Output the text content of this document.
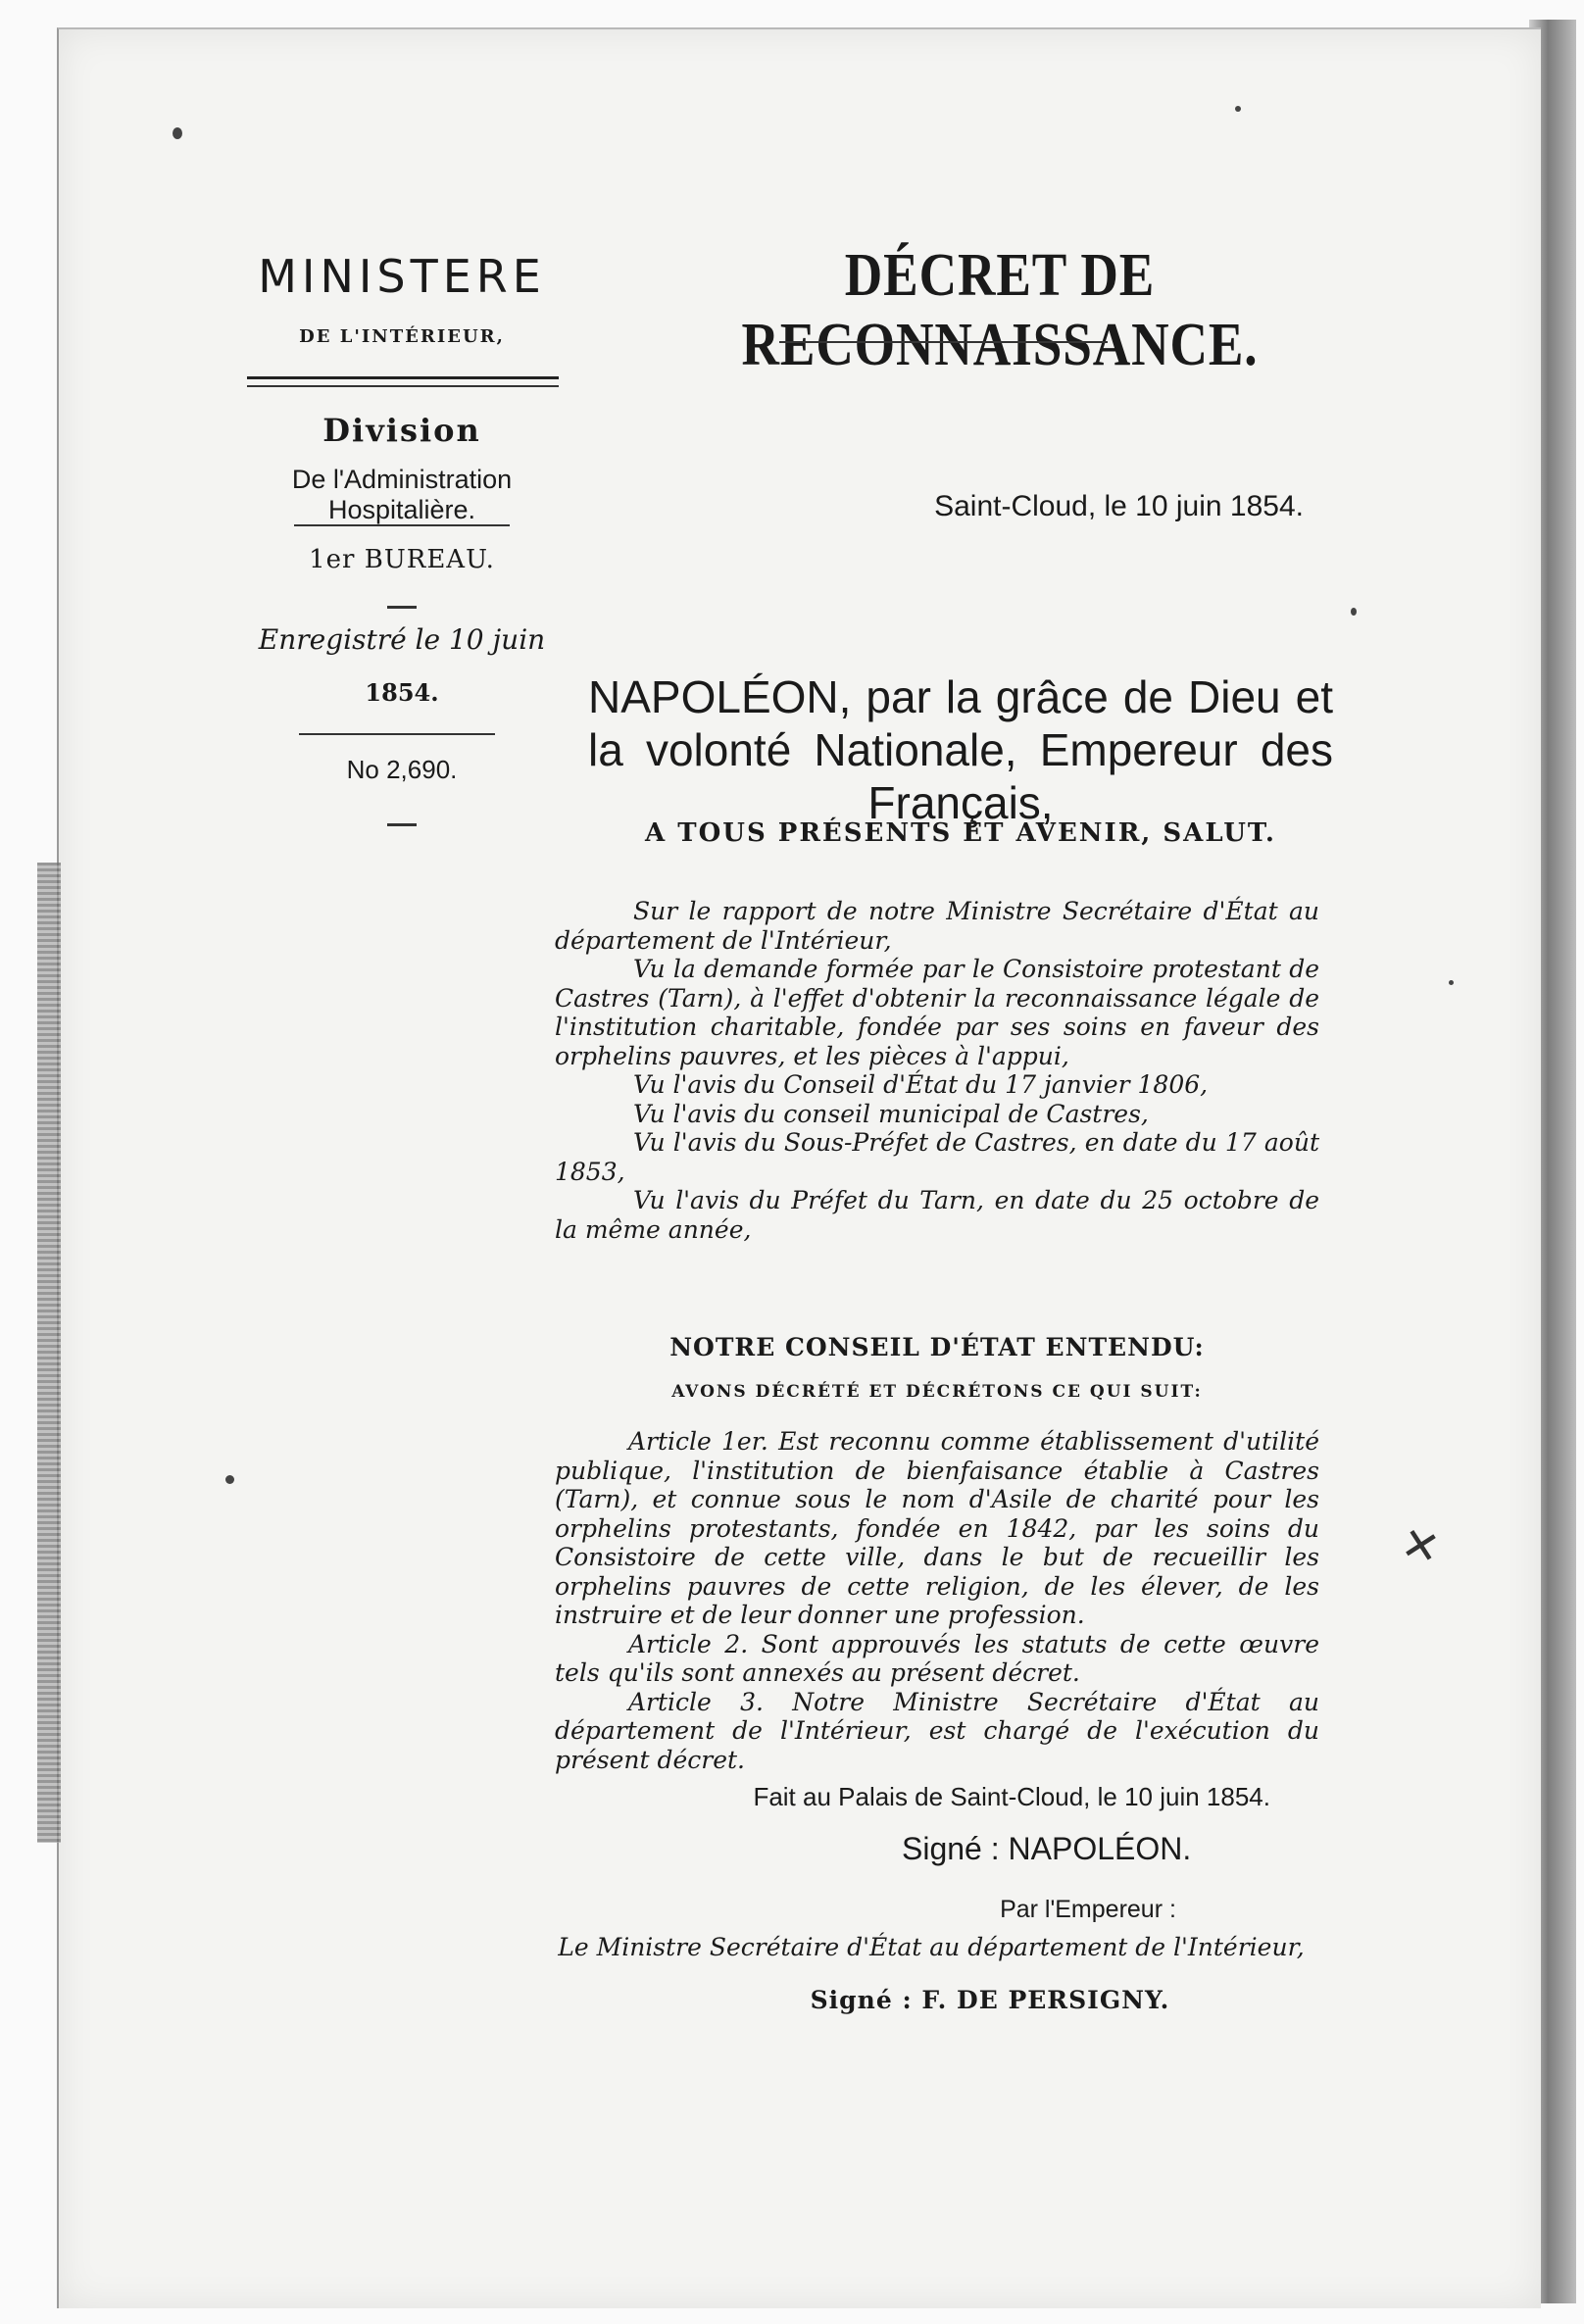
MINISTERE
DE L'INTÉRIEUR,
Division
De l'Administration Hospitalière.
1er BUREAU.
Enregistré le 10 juin
1854.
No 2,690.
DÉCRET DE RECONNAISSANCE.
Saint-Cloud, le 10 juin 1854.
NAPOLÉON, par la grâce de Dieu et la volonté Nationale, Empereur des Français,
A TOUS PRÉSENTS ET AVENIR, SALUT.

Sur le rapport de notre Ministre Secrétaire d'État au département de l'Intérieur,

Vu la demande formée par le Consistoire protestant de Castres (Tarn), à l'effet d'obtenir la reconnaissance légale de l'institution charitable, fondée par ses soins en faveur des orphelins pauvres, et les pièces à l'appui,

Vu l'avis du Conseil d'État du 17 janvier 1806,

Vu l'avis du conseil municipal de Castres,

Vu l'avis du Sous-Préfet de Castres, en date du 17 août 1853,

Vu l'avis du Préfet du Tarn, en date du 25 octobre de la même année,

NOTRE CONSEIL D'ÉTAT ENTENDU:
AVONS DÉCRÉTÉ ET DÉCRÉTONS CE QUI SUIT:

Article 1er. Est reconnu comme établissement d'utilité publique, l'institution de bienfaisance établie à Castres (Tarn), et connue sous le nom d'Asile de charité pour les orphelins protestants, fondée en 1842, par les soins du Consistoire de cette ville, dans le but de recueillir les orphelins pauvres de cette religion, de les élever, de les instruire et de leur donner une profession.

Article 2. Sont approuvés les statuts de cette œuvre tels qu'ils sont annexés au présent décret.

Article 3. Notre Ministre Secrétaire d'État au département de l'Intérieur, est chargé de l'exécution du présent décret.

Fait au Palais de Saint-Cloud, le 10 juin 1854.
Signé : NAPOLÉON.
Par l'Empereur :
Le Ministre Secrétaire d'État au département de l'Intérieur,
Signé : F. DE PERSIGNY.
✕
